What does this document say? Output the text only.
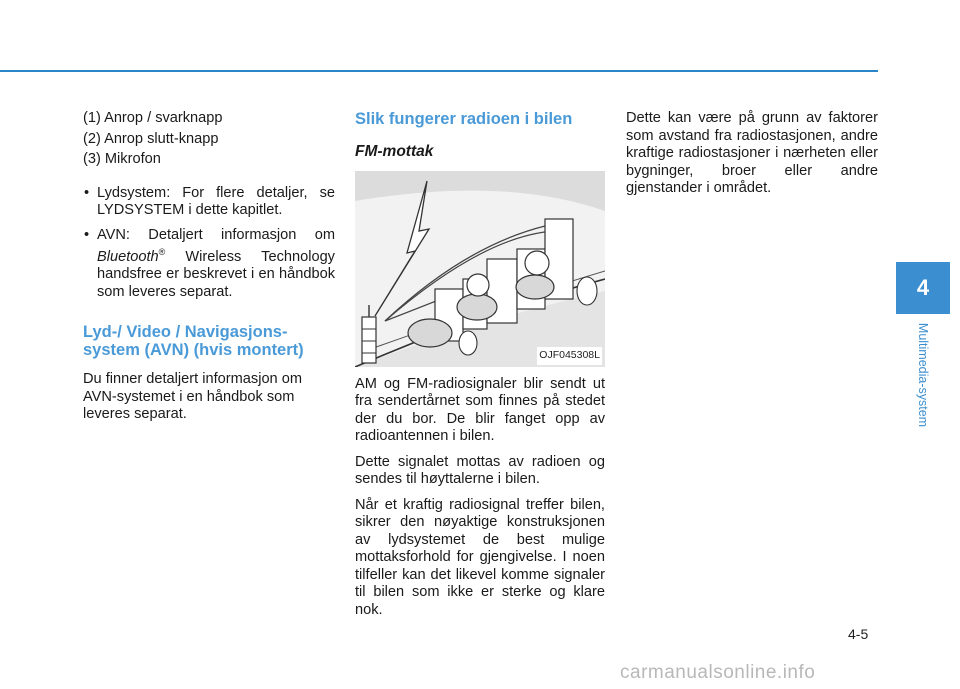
(1) Anrop / svarknapp

(2) Anrop slutt-knapp

(3) Mikrofon

• Lydsystem: For flere detaljer, se LYDSYSTEM i dette kapitlet.
• AVN: Detaljert informasjon om Bluetooth® Wireless Technology handsfree er beskrevet i en håndbok som leveres separat.
Lyd-/ Video / Navigasjons-system (AVN) (hvis montert)

Du finner detaljert informasjon om AVN-systemet i en håndbok som leveres separat.

Slik fungerer radioen i bilen
FM-mottak
OJF045308L

AM og FM-radiosignaler blir sendt ut fra sendertårnet som finnes på stedet der du bor. De blir fanget opp av radioantennen i bilen.

Dette signalet mottas av radioen og sendes til høyttalerne i bilen.

Når et kraftig radiosignal treffer bilen, sikrer den nøyaktige konstruksjonen av lydsystemet de best mulige mottaksforhold for gjengivelse. I noen tilfeller kan det likevel komme signaler til bilen som ikke er sterke og klare nok.

Dette kan være på grunn av faktorer som avstand fra radiostasjonen, andre kraftige radiostasjoner i nærheten eller bygninger, broer eller andre gjenstander i området.

4
Multimedia-system
4-5
carmanualsonline.info
